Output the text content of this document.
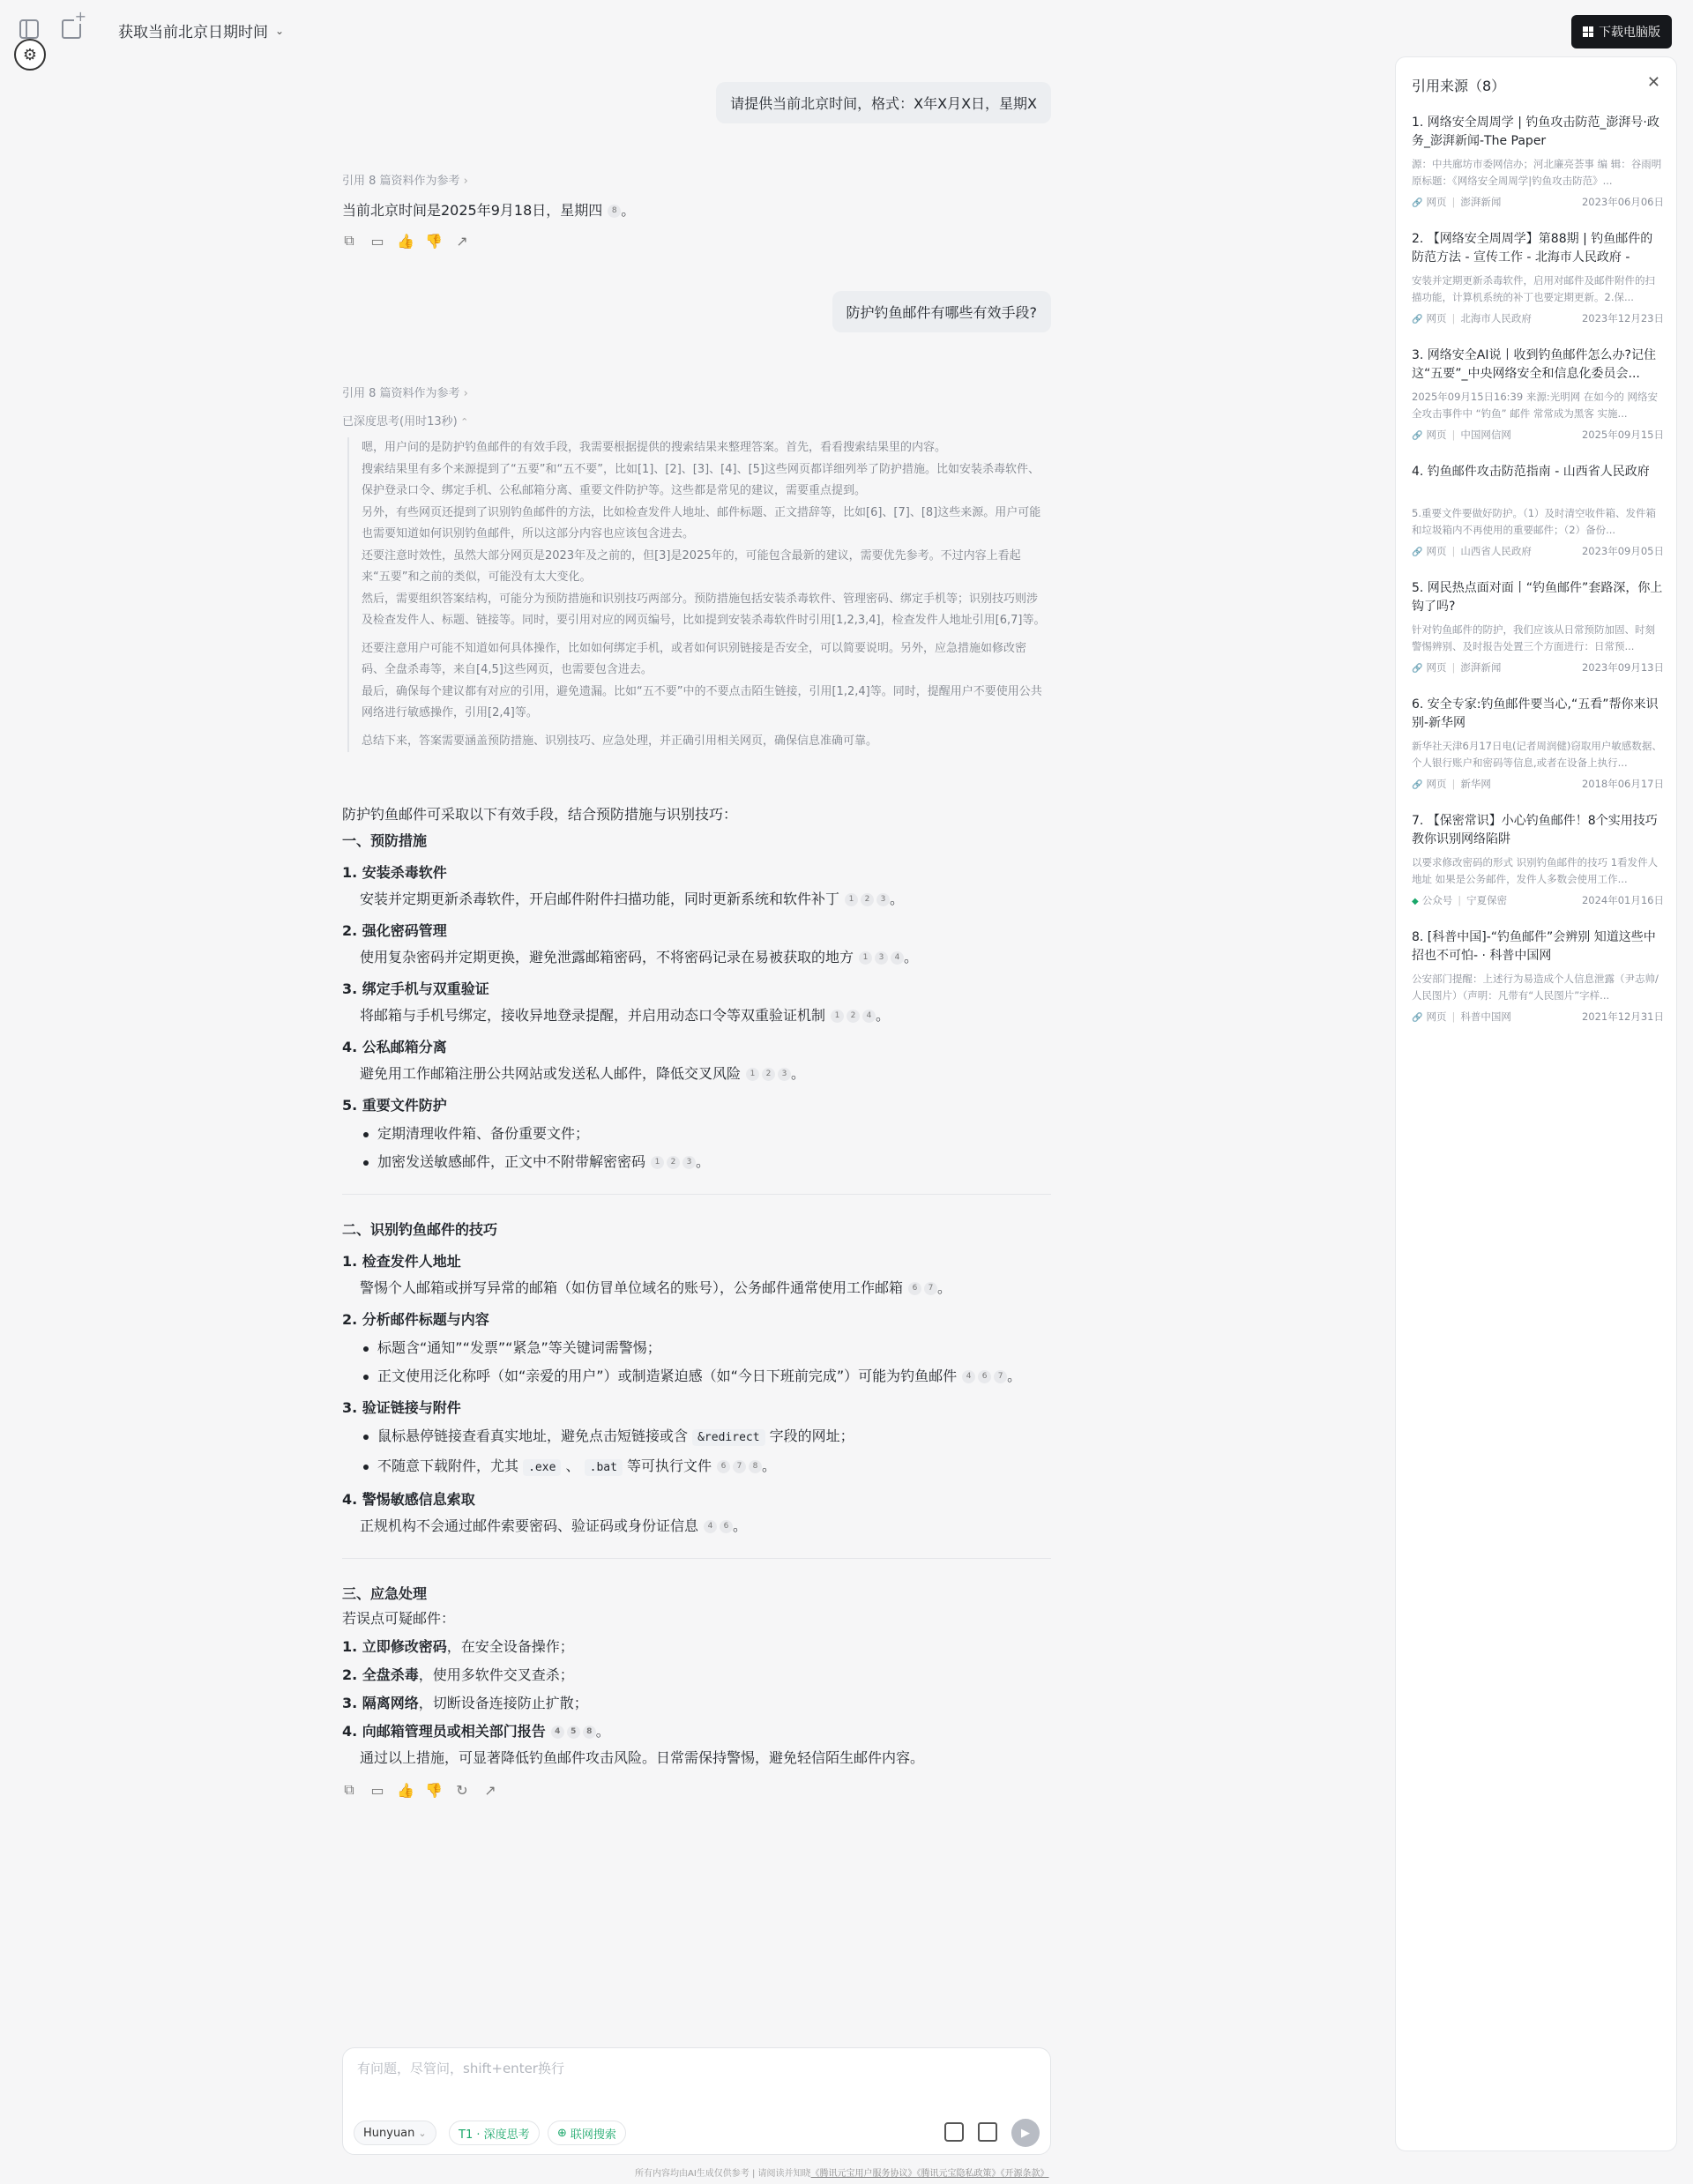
+
⚙
获取当前北京日期时间 ⌄	下载电脑版
请提供当前北京时间，格式：X年X月X日，星期X
引用 8 篇资料作为参考 ›
当前北京时间是2025年9月18日，星期四	8 。
⧉ ▭ 👍 👎 ↗
防护钓鱼邮件有哪些有效手段?
引用 8 篇资料作为参考 ›
已深度思考(用时13秒) ⌃

嗯，用户问的是防护钓鱼邮件的有效手段，我需要根据提供的搜索结果来整理答案。首先，看看搜索结果里的内容。

搜索结果里有多个来源提到了“五要”和“五不要”，比如[1]、[2]、[3]、[4]、[5]这些网页都详细列举了防护措施。比如安装杀毒软件、保护登录口令、绑定手机、公私邮箱分离、重要文件防护等。这些都是常见的建议，需要重点提到。

另外，有些网页还提到了识别钓鱼邮件的方法，比如检查发件人地址、邮件标题、正文措辞等，比如[6]、[7]、[8]这些来源。用户可能也需要知道如何识别钓鱼邮件，所以这部分内容也应该包含进去。

还要注意时效性，虽然大部分网页是2023年及之前的，但[3]是2025年的，可能包含最新的建议，需要优先参考。不过内容上看起来“五要”和之前的类似，可能没有太大变化。

然后，需要组织答案结构，可能分为预防措施和识别技巧两部分。预防措施包括安装杀毒软件、管理密码、绑定手机等；识别技巧则涉及检查发件人、标题、链接等。同时，要引用对应的网页编号，比如提到安装杀毒软件时引用[1,2,3,4]，检查发件人地址引用[6,7]等。

还要注意用户可能不知道如何具体操作，比如如何绑定手机，或者如何识别链接是否安全，可以简要说明。另外，应急措施如修改密码、全盘杀毒等，来自[4,5]这些网页，也需要包含进去。

最后，确保每个建议都有对应的引用，避免遗漏。比如“五不要”中的不要点击陌生链接，引用[1,2,4]等。同时，提醒用户不要使用公共网络进行敏感操作，引用[2,4]等。

总结下来，答案需要涵盖预防措施、识别技巧、应急处理，并正确引用相关网页，确保信息准确可靠。

防护钓鱼邮件可采取以下有效手段，结合预防措施与识别技巧：
一、预防措施
1. 安装杀毒软件
安装并定期更新杀毒软件，开启邮件附件扫描功能，同时更新系统和软件补丁	1	2	3 。
2. 强化密码管理
使用复杂密码并定期更换，避免泄露邮箱密码，不将密码记录在易被获取的地方	1	3	4 。
3. 绑定手机与双重验证
将邮箱与手机号绑定，接收异地登录提醒，并启用动态口令等双重验证机制	1	2	4 。
4. 公私邮箱分离
避免用工作邮箱注册公共网站或发送私人邮件，降低交叉风险	1	2	3 。
5. 重要文件防护
定期清理收件箱、备份重要文件；
加密发送敏感邮件，正文中不附带解密密码	1	2	3 。
二、识别钓鱼邮件的技巧
1. 检查发件人地址
警惕个人邮箱或拼写异常的邮箱（如仿冒单位域名的账号），公务邮件通常使用工作邮箱	6	7 。
2. 分析邮件标题与内容
标题含“通知”“发票”“紧急”等关键词需警惕；
正文使用泛化称呼（如“亲爱的用户”）或制造紧迫感（如“今日下班前完成”）可能为钓鱼邮件	4	6	7 。
3. 验证链接与附件
鼠标悬停链接查看真实地址，避免点击短链接或含 &redirect 字段的网址；
不随意下载附件，尤其 .exe 、 .bat 等可执行文件	6	7	8 。
4. 警惕敏感信息索取
正规机构不会通过邮件索要密码、验证码或身份证信息	4	6 。
三、应急处理
若误点可疑邮件：
1. 立即修改密码，在安全设备操作；
2. 全盘杀毒，使用多软件交叉查杀；
3. 隔离网络，切断设备连接防止扩散；
4. 向邮箱管理员或相关部门报告	4	5	8 。
通过以上措施，可显著降低钓鱼邮件攻击风险。日常需保持警惕，避免轻信陌生邮件内容。
⧉ ▭ 👍 👎 ↻ ↗
有问题，尽管问，shift+enter换行
Hunyuan ⌄	T1 · 深度思考 ⊕ 联网搜索	▶
所有内容均由AI生成仅供参考 | 请阅读并知晓《腾讯元宝用户服务协议》《腾讯元宝隐私政策》《开源条款》
引用来源（8）	✕
1. 网络安全周周学 | 钓鱼攻击防范_澎湃号·政务_澎湃新闻-The Paper
源：中共廊坊市委网信办；河北廉亮荟事 编 辑：谷雨明 原标题：《网络安全周周学|钓鱼攻击防范》...
🔗 网页 | 澎湃新闻	2023年06月06日
2. 【网络安全周周学】第88期 | 钓鱼邮件的防范方法 - 宣传工作 - 北海市人民政府 -
安装并定期更新杀毒软件，启用对邮件及邮件附件的扫描功能，计算机系统的补丁也要定期更新。2.保...
🔗 网页 | 北海市人民政府	2023年12月23日
3. 网络安全AI说丨收到钓鱼邮件怎么办?记住这“五要”_中央网络安全和信息化委员会...
2025年09月15日16:39 来源:光明网 在如今的 网络安全攻击事件中 “钓鱼” 邮件 常常成为黑客 实施...
🔗 网页 | 中国网信网	2025年09月15日
4. 钓鱼邮件攻击防范指南 - 山西省人民政府
5.重要文件要做好防护。（1）及时清空收件箱、发件箱和垃圾箱内不再使用的重要邮件；（2）备份...
🔗 网页 | 山西省人民政府	2023年09月05日
5. 网民热点面对面丨“钓鱼邮件”套路深，你上钩了吗?
针对钓鱼邮件的防护，我们应该从日常预防加固、时刻警惕辨别、及时报告处置三个方面进行：日常预...
🔗 网页 | 澎湃新闻	2023年09月13日
6. 安全专家:钓鱼邮件要当心,“五看”帮你来识别-新华网
新华社天津6月17日电(记者周润健)窃取用户敏感数据、个人银行账户和密码等信息,或者在设备上执行...
🔗 网页 | 新华网	2018年06月17日
7. 【保密常识】小心钓鱼邮件！8个实用技巧教你识别网络陷阱
以要求修改密码的形式 识别钓鱼邮件的技巧 1看发件人地址 如果是公务邮件，发件人多数会使用工作...
◆ 公众号 | 宁夏保密	2024年01月16日
8. [科普中国]-“钓鱼邮件”会辨别 知道这些中招也不可怕- · 科普中国网
公安部门提醒：上述行为易造成个人信息泄露（尹志帅/人民图片）（声明：凡带有“人民图片”字样...
🔗 网页 | 科普中国网	2021年12月31日
